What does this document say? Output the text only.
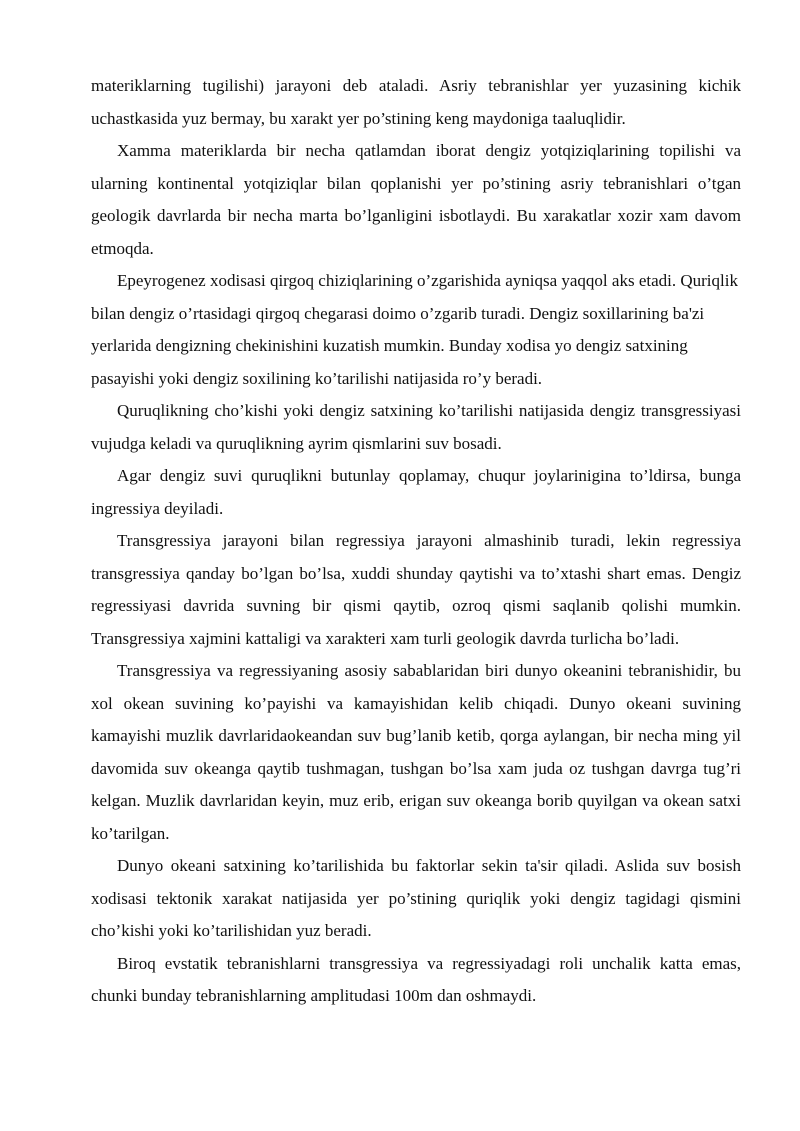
materiklarning tugilishi) jarayoni deb ataladi. Asriy tebranishlar yer yuzasining kichik uchastkasida yuz bermay, bu xarakt yer po’stining keng maydoniga taaluqlidir.

Xamma materiklarda bir necha qatlamdan iborat dengiz yotqiziqlarining topilishi va ularning kontinental yotqiziqlar bilan qoplanishi yer po’stining asriy tebranishlari o’tgan geologik davrlarda bir necha marta bo’lganligini isbotlaydi. Bu xarakatlar xozir xam davom etmoqda.

Epeyrogenez xodisasi qirgoq chiziqlarining o’zgarishida ayniqsa yaqqol aks etadi. Quriqlik bilan dengiz o’rtasidagi qirgoq chegarasi doimo o’zgarib turadi. Dengiz soxillarining ba'zi yerlarida dengizning chekinishini kuzatish mumkin. Bunday xodisa yo dengiz satxining pasayishi yoki dengiz soxilining ko’tarilishi natijasida ro’y beradi.

Quruqlikning cho’kishi yoki dengiz satxining ko’tarilishi natijasida dengiz transgressiyasi vujudga keladi va quruqlikning ayrim qismlarini suv bosadi.

Agar dengiz suvi quruqlikni butunlay qoplamay, chuqur joylarinigina to’ldirsa, bunga ingressiya deyiladi.

Transgressiya jarayoni bilan regressiya jarayoni almashinib turadi, lekin regressiya transgressiya qanday bo’lgan bo’lsa, xuddi shunday qaytishi va to’xtashi shart emas. Dengiz regressiyasi davrida suvning bir qismi qaytib, ozroq qismi saqlanib qolishi mumkin. Transgressiya xajmini kattaligi va xarakteri xam turli geologik davrda turlicha bo’ladi.

Transgressiya va regressiyaning asosiy sabablaridan biri dunyo okeanini tebranishidir, bu xol okean suvining ko’payishi va kamayishidan kelib chiqadi. Dunyo okeani suvining kamayishi muzlik davrlaridaokeandan suv bug’lanib ketib, qorga aylangan, bir necha ming yil davomida suv okeanga qaytib tushmagan, tushgan bo’lsa xam juda oz tushgan davrga tug’ri kelgan. Muzlik davrlaridan keyin, muz erib, erigan suv okeanga borib quyilgan va okean satxi ko’tarilgan.

Dunyo okeani satxining ko’tarilishida bu faktorlar sekin ta'sir qiladi. Aslida suv bosish xodisasi tektonik xarakat natijasida yer po’stining quriqlik yoki dengiz tagidagi qismini cho’kishi yoki ko’tarilishidan yuz beradi.

Biroq evstatik tebranishlarni transgressiya va regressiyadagi roli unchalik katta emas, chunki bunday tebranishlarning amplitudasi 100m dan oshmaydi.
